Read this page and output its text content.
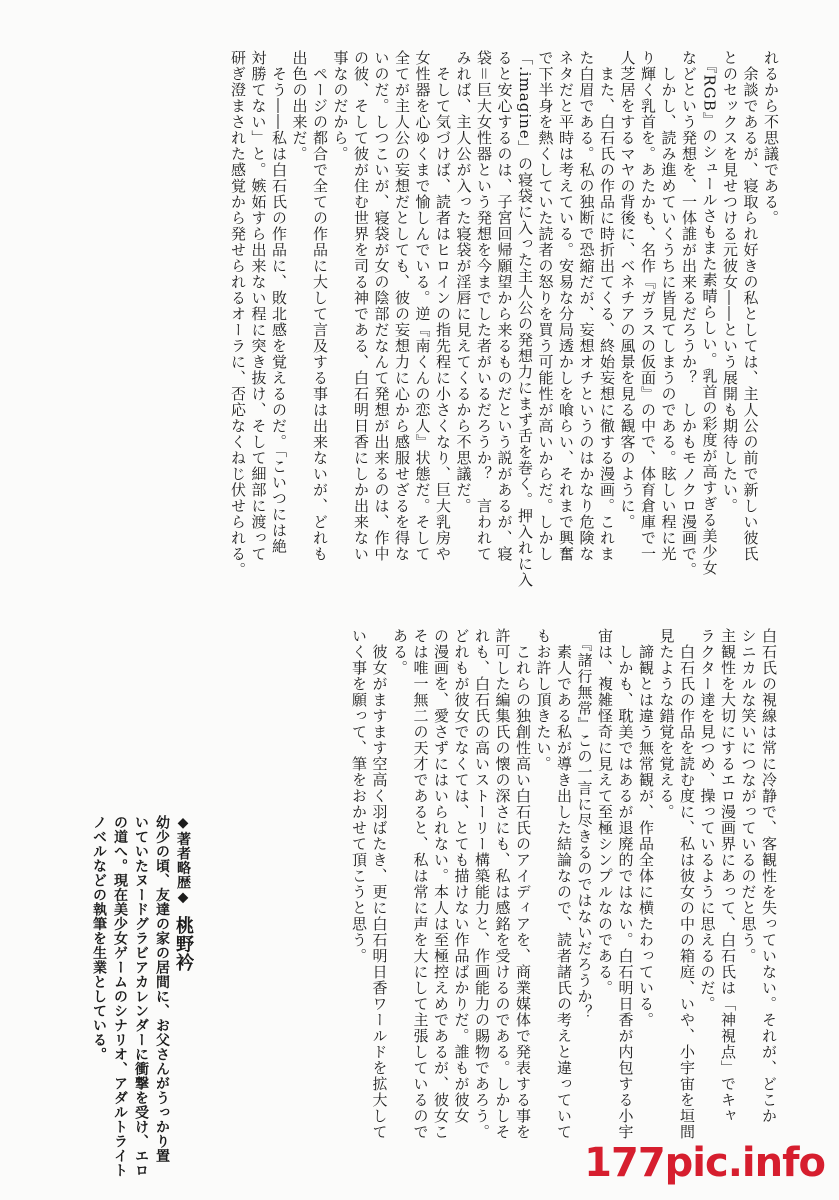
れるから不思議である。

　余談であるが、寝取られ好きの私としては、主人公の前で新しい彼氏

とのセックスを見せつける元彼女――という展開も期待したい。

　『RGB』のシュールさもまた素晴らしい。乳首の彩度が高すぎる美少女

などという発想を、一体誰が出来るだろうか？　しかもモノクロ漫画で。

　しかし、読み進めていくうちに皆見てしまうのである。眩しい程に光

り輝く乳首を。あたかも、名作『ガラスの仮面』の中で、体育倉庫で一

人芝居をするマヤの背後に、ベネチアの風景を見る観客のように。

　また、白石氏の作品に時折出てくる、終始妄想に徹する漫画。これま

た白眉である。私の独断で恐縮だが、妄想オチというのはかなり危険な

ネタだと平時は考えている。安易な分局透かしを喰らい、それまで興奮

で下半身を熱くしていた読者の怒りを買う可能性が高いからだ。しかし

「.imagine」の寝袋に入った主人公の発想力にまず舌を巻く。押入れに入

ると安心するのは、子宮回帰願望から来るものだという説があるが、寝

袋＝巨大女性器という発想を今までした者がいるだろうか？　言われて

みれば、主人公が入った寝袋が淫唇に見えてくるから不思議だ。

　そして気づけば、読者はヒロインの指先程に小さくなり、巨大乳房や

女性器を心ゆくまで愉しんでいる。逆『南くんの恋人』状態だ。そして

全てが主人公の妄想だとしても、彼の妄想力に心から感服せざるを得な

いのだ。しつこいが、寝袋が女の陰部だなんて発想が出来るのは、作中

の彼、そして彼が住む世界を司る神である、白石明日香にしか出来ない

事なのだから。

　ページの都合で全ての作品に大して言及する事は出来ないが、どれも

出色の出来だ。

　そう――私は白石氏の作品に、敗北感を覚えるのだ。「こいつには絶

対勝てない」と。嫉妬すら出来ない程に突き抜け、そして細部に渡って

研ぎ澄まされた感覚から発せられるオーラに、否応なくねじ伏せられる。

白石氏の視線は常に冷静で、客観性を失っていない。それが、どこか

シニカルな笑いにつながっているのだと思う。

主観性を大切にするエロ漫画界にあって、白石氏は「神視点」でキャ

ラクター達を見つめ、操っているように思えるのだ。

　白石氏の作品を読む度に、私は彼女の中の箱庭、いや、小宇宙を垣間

見たような錯覚を覚える。

　諦観とは違う無常観が、作品全体に横たわっている。

　しかも、耽美ではあるが退廃的ではない。白石明日香が内包する小宇

宙は、複雑怪奇に見えて至極シンプルなのである。

　『諸行無常』この一言に尽きるのではないだろうか？

　素人である私が導き出した結論なので、読者諸氏の考えと違っていて

もお許し頂きたい。

　これらの独創性高い白石氏のアイディアを、商業媒体で発表する事を

許可した編集氏の懐の深さにも、私は感銘を受けるのである。しかしそ

れも、白石氏の高いストーリー構築能力と、作画能力の賜物であろう。

どれもが彼女でなくては、とても描けない作品ばかりだ。誰もが彼女

の漫画を、愛さずにはいられない。本人は至極控えめであるが、彼女こ

そは唯一無二の天才であると、私は常に声を大にして主張しているので

ある。

　彼女がますます空高く羽ばたき、更に白石明日香ワールドを拡大して

いく事を願って、筆をおかせて頂こうと思う。

◆著者略歴◆桃野衿

幼少の頃、友達の家の居間に、お父さんがうっかり置

いていたヌードグラビアカレンダーに衝撃を受け、エロ

の道へ。現在美少女ゲームのシナリオ、アダルトライト

ノベルなどの執筆を生業としている。

177pic.info
